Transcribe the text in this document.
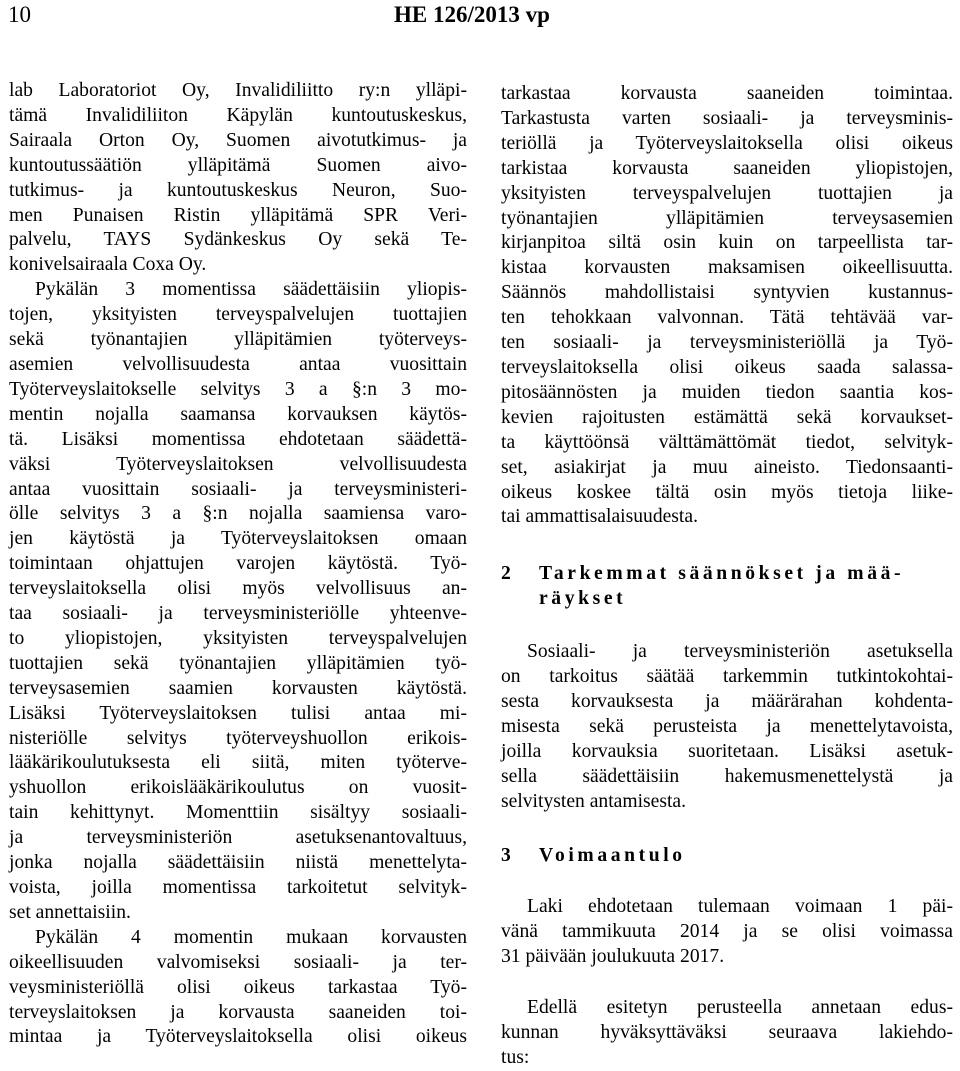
10	HE 126/2013 vp
lab Laboratoriot Oy, Invalidiliitto ry:n ylläpi-
tämä Invalidiliiton Käpylän kuntoutuskeskus,
Sairaala Orton Oy, Suomen aivotutkimus- ja
kuntoutussäätiön ylläpitämä Suomen aivo-
tutkimus- ja kuntoutuskeskus Neuron, Suo-
men Punaisen Ristin ylläpitämä SPR Veri-
palvelu, TAYS Sydänkeskus Oy sekä Te-
konivelsairaala Coxa Oy.
Pykälän 3 momentissa säädettäisiin yliopis-
tojen, yksityisten terveyspalvelujen tuottajien
sekä työnantajien ylläpitämien työterveys-
asemien velvollisuudesta antaa vuosittain
Työterveyslaitokselle selvitys 3 a §:n 3 mo-
mentin nojalla saamansa korvauksen käytös-
tä. Lisäksi momentissa ehdotetaan säädettä-
väksi Työterveyslaitoksen velvollisuudesta
antaa vuosittain sosiaali- ja terveysministeri-
ölle selvitys 3 a §:n nojalla saamiensa varo-
jen käytöstä ja Työterveyslaitoksen omaan
toimintaan ohjattujen varojen käytöstä. Työ-
terveyslaitoksella olisi myös velvollisuus an-
taa sosiaali- ja terveysministeriölle yhteenve-
to yliopistojen, yksityisten terveyspalvelujen
tuottajien sekä työnantajien ylläpitämien työ-
terveysasemien saamien korvausten käytöstä.
Lisäksi Työterveyslaitoksen tulisi antaa mi-
nisteriölle selvitys työterveyshuollon erikois-
lääkärikoulutuksesta eli siitä, miten työterve-
yshuollon erikoislääkärikoulutus on vuosit-
tain kehittynyt. Momenttiin sisältyy sosiaali-
ja terveysministeriön asetuksenantovaltuus,
jonka nojalla säädettäisiin niistä menettelyta-
voista, joilla momentissa tarkoitetut selvityk-
set annettaisiin.
Pykälän 4 momentin mukaan korvausten
oikeellisuuden valvomiseksi sosiaali- ja ter-
veysministeriöllä olisi oikeus tarkastaa Työ-
terveyslaitoksen ja korvausta saaneiden toi-
mintaa ja Työterveyslaitoksella olisi oikeus
tarkastaa korvausta saaneiden toimintaa.
Tarkastusta varten sosiaali- ja terveysminis-
teriöllä ja Työterveyslaitoksella olisi oikeus
tarkistaa korvausta saaneiden yliopistojen,
yksityisten terveyspalvelujen tuottajien ja
työnantajien ylläpitämien terveysasemien
kirjanpitoa siltä osin kuin on tarpeellista tar-
kistaa korvausten maksamisen oikeellisuutta.
Säännös mahdollistaisi syntyvien kustannus-
ten tehokkaan valvonnan. Tätä tehtävää var-
ten sosiaali- ja terveysministeriöllä ja Työ-
terveyslaitoksella olisi oikeus saada salassa-
pitosäännösten ja muiden tiedon saantia kos-
kevien rajoitusten estämättä sekä korvaukset-
ta käyttöönsä välttämättömät tiedot, selvityk-
set, asiakirjat ja muu aineisto. Tiedonsaanti-
oikeus koskee tältä osin myös tietoja liike-
tai ammattisalaisuudesta.
2 Tarkemmat säännökset ja mää-
räykset
Sosiaali- ja terveysministeriön asetuksella
on tarkoitus säätää tarkemmin tutkintokohtai-
sesta korvauksesta ja määrärahan kohdenta-
misesta sekä perusteista ja menettelytavoista,
joilla korvauksia suoritetaan. Lisäksi asetuk-
sella säädettäisiin hakemusmenettelystä ja
selvitysten antamisesta.
3 Voimaantulo
Laki ehdotetaan tulemaan voimaan 1 päi-
vänä tammikuuta 2014 ja se olisi voimassa
31 päivään joulukuuta 2017.
Edellä esitetyn perusteella annetaan edus-
kunnan hyväksyttäväksi seuraava lakiehdo-
tus:
